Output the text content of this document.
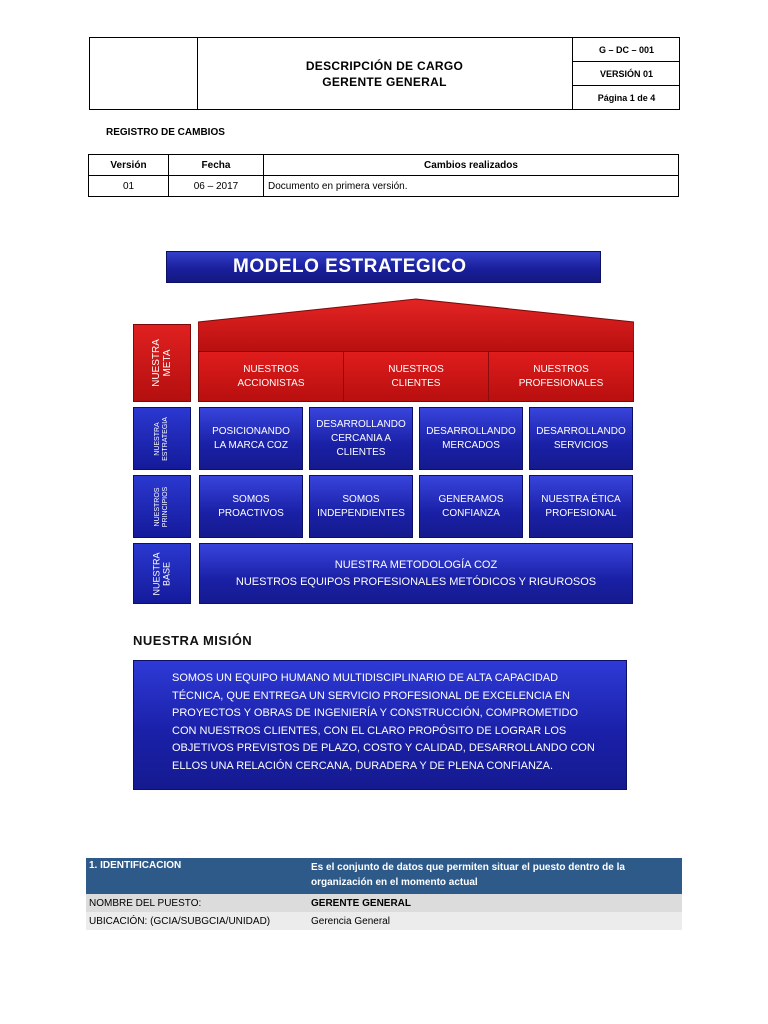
DESCRIPCIÓN DE CARGO
GERENTE GENERAL
G – DC – 001
VERSIÓN 01
Página 1 de 4
REGISTRO DE CAMBIOS
Versión	Fecha	Cambios realizados
01	06 – 2017	Documento en primera versión.
MODELO ESTRATEGICO
NUESTRA
META	NUESTROS
ACCIONISTAS
NUESTROS
CLIENTES
NUESTROS
PROFESIONALES
NUESTRA
ESTRATEGIA	POSICIONANDO
LA MARCA COZ
DESARROLLANDO
CERCANIA A
CLIENTES
DESARROLLANDO
MERCADOS
DESARROLLANDO
SERVICIOS
NUESTROS
PRINCIPIOS	SOMOS
PROACTIVOS
SOMOS
INDEPENDIENTES
GENERAMOS
CONFIANZA
NUESTRA ÉTICA
PROFESIONAL
NUESTRA
BASE	NUESTRA METODOLOGÍA COZ
NUESTROS EQUIPOS PROFESIONALES METÓDICOS Y RIGUROSOS
NUESTRA MISIÓN
SOMOS UN EQUIPO HUMANO MULTIDISCIPLINARIO DE ALTA CAPACIDAD
TÉCNICA, QUE ENTREGA UN SERVICIO PROFESIONAL DE EXCELENCIA EN
PROYECTOS Y OBRAS DE INGENIERÍA Y CONSTRUCCIÓN, COMPROMETIDO
CON NUESTROS CLIENTES, CON EL CLARO PROPÓSITO DE LOGRAR LOS
OBJETIVOS PREVISTOS DE PLAZO, COSTO Y CALIDAD, DESARROLLANDO CON
ELLOS UNA RELACIÓN CERCANA, DURADERA Y DE PLENA CONFIANZA.
1. IDENTIFICACION	Es el conjunto de datos que permiten situar el puesto dentro de la organización en el momento actual
NOMBRE DEL PUESTO:	GERENTE GENERAL
UBICACIÓN: (GCIA/SUBGCIA/UNIDAD)	Gerencia General
